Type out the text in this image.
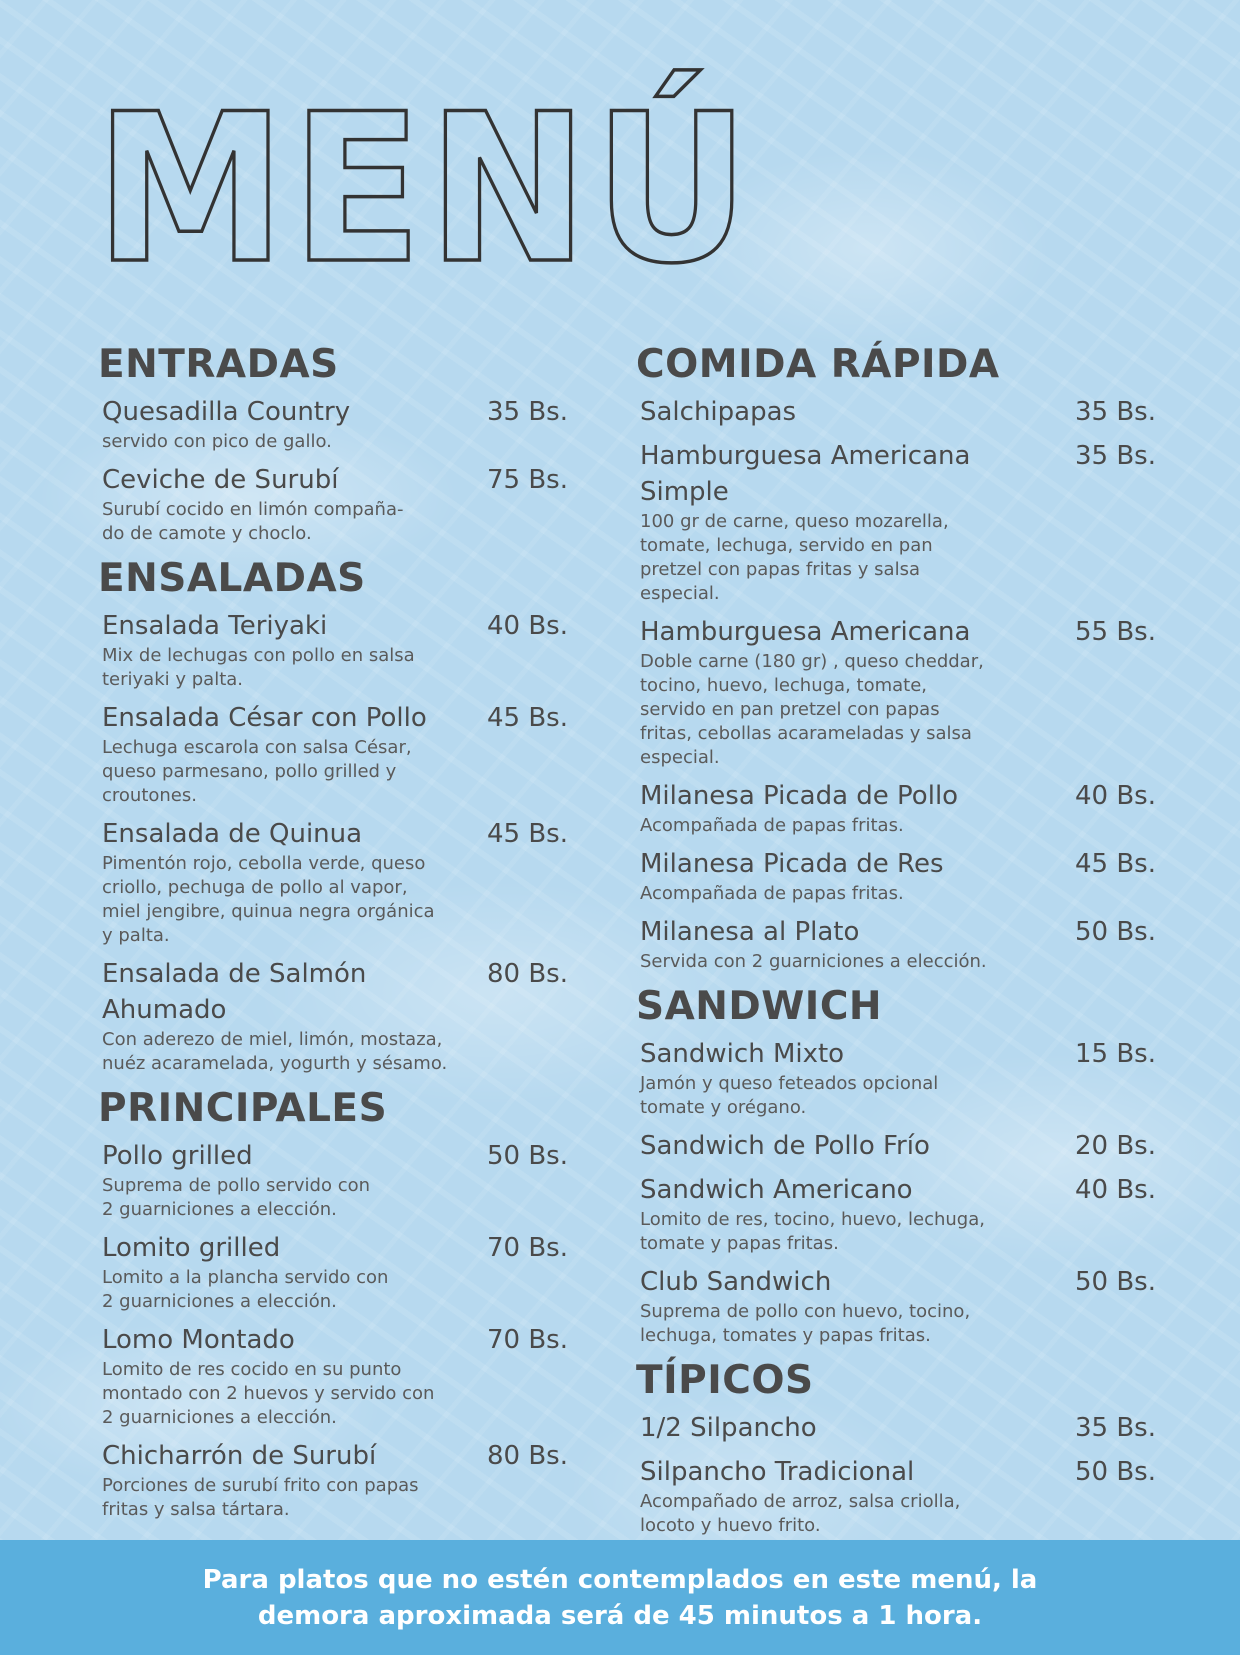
MENÚ
ENTRADAS
Quesadilla Country	35 Bs.
servido con pico de gallo.
Ceviche de Surubí	75 Bs.
Surubí cocido en limón compaña-
do de camote y choclo.
ENSALADAS
Ensalada Teriyaki	40 Bs.
Mix de lechugas con pollo en salsa
teriyaki y palta.
Ensalada César con Pollo	45 Bs.
Lechuga escarola con salsa César,
queso parmesano, pollo grilled y
croutones.
Ensalada de Quinua	45 Bs.
Pimentón rojo, cebolla verde, queso
criollo, pechuga de pollo al vapor,
miel jengibre, quinua negra orgánica
y palta.
Ensalada de Salmón Ahumado
80 Bs.
Con aderezo de miel, limón, mostaza,
nuéz acaramelada, yogurth y sésamo.
PRINCIPALES
Pollo grilled	50 Bs.
Suprema de pollo servido con
2 guarniciones a elección.
Lomito grilled	70 Bs.
Lomito a la plancha servido con
2 guarniciones a elección.
Lomo Montado	70 Bs.
Lomito de res cocido en su punto
montado con 2 huevos y servido con
2 guarniciones a elección.
Chicharrón de Surubí	80 Bs.
Porciones de surubí frito con papas
fritas y salsa tártara.
COMIDA RÁPIDA
Salchipapas	35 Bs.
Hamburguesa Americana Simple
35 Bs.
100 gr de carne, queso mozarella,
tomate, lechuga, servido en pan
pretzel con papas fritas y salsa
especial.
Hamburguesa Americana	55 Bs.
Doble carne (180 gr) , queso cheddar,
tocino, huevo, lechuga, tomate,
servido en pan pretzel con papas
fritas, cebollas acarameladas y salsa
especial.
Milanesa Picada de Pollo	40 Bs.
Acompañada de papas fritas.
Milanesa Picada de Res	45 Bs.
Acompañada de papas fritas.
Milanesa al Plato	50 Bs.
Servida con 2 guarniciones a elección.
SANDWICH
Sandwich Mixto	15 Bs.
Jamón y queso feteados opcional
tomate y orégano.
Sandwich de Pollo Frío	20 Bs.
Sandwich Americano	40 Bs.
Lomito de res, tocino, huevo, lechuga,
tomate y papas fritas.
Club Sandwich	50 Bs.
Suprema de pollo con huevo, tocino,
lechuga, tomates y papas fritas.
TÍPICOS
1/2 Silpancho	35 Bs.
Silpancho Tradicional	50 Bs.
Acompañado de arroz, salsa criolla,
locoto y huevo frito.
Para platos que no estén contemplados en este menú, la
demora aproximada será de 45 minutos a 1 hora.
